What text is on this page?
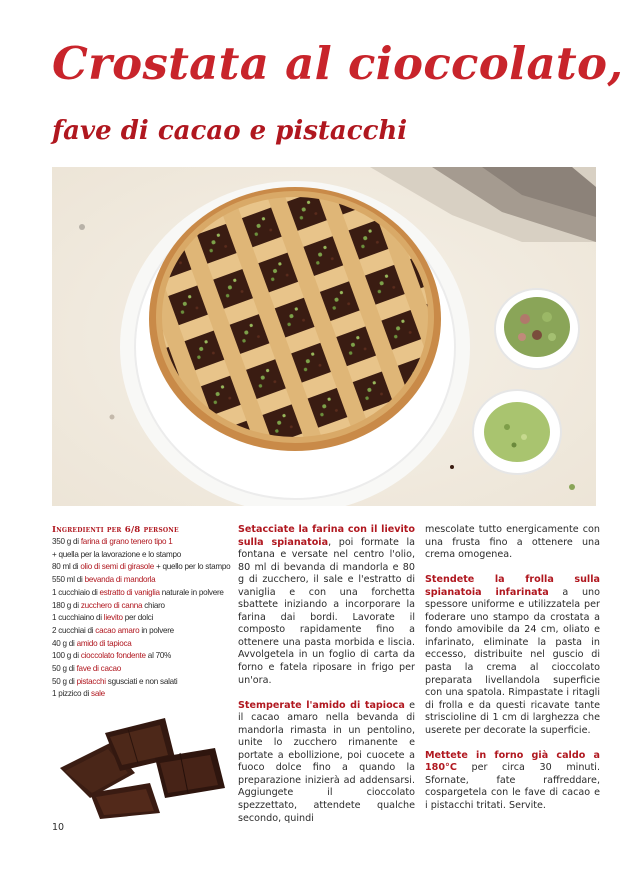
Crostata al cioccolato,
fave di cacao e pistacchi
Ingredienti per 6/8 persone
350 g di farina di grano tenero tipo 1
+ quella per la lavorazione e lo stampo
80 ml di olio di semi di girasole + quello per lo stampo
550 ml di bevanda di mandorla
1 cucchiaio di estratto di vaniglia naturale in polvere
180 g di zucchero di canna chiaro
1 cucchiaino di lievito per dolci
2 cucchiai di cacao amaro in polvere
40 g di amido di tapioca
100 g di cioccolato fondente al 70%
50 g di fave di cacao
50 g di pistacchi sgusciati e non salati
1 pizzico di sale

Setacciate la farina con il lievito sulla spianatoia, poi formate la fontana e versate nel centro l'olio, 80 ml di bevanda di mandorla e 80 g di zucchero, il sale e l'estratto di vaniglia e con una forchetta sbattete iniziando a incorporare la farina dai bordi. Lavorate il composto rapidamente fino a ottenere una pasta morbida e liscia. Avvolgetela in un foglio di carta da forno e fatela riposare in frigo per un'ora.

Stemperate l'amido di tapioca e il cacao amaro nella bevanda di mandorla rimasta in un pentolino, unite lo zucchero rimanente e portate a ebollizione, poi cuocete a fuoco dolce fino a quando la preparazione inizierà ad addensarsi. Aggiungete il cioccolato spezzettato, attendete qualche secondo, quindi

mescolate tutto energicamente con una frusta fino a ottenere una crema omogenea.

Stendete la frolla sulla spianatoia infarinata a uno spessore uniforme e utilizzatela per foderare uno stampo da crostata a fondo amovibile da 24 cm, oliato e infarinato, eliminate la pasta in eccesso, distribuite nel guscio di pasta la crema al cioccolato preparata livellandola superficie con una spatola. Rimpastate i ritagli di frolla e da questi ricavate tante striscioline di 1 cm di larghezza che userete per decorate la superficie.

Mettete in forno già caldo a 180°C per circa 30 minuti. Sfornate, fate raffreddare, cospargetela con le fave di cacao e i pistacchi tritati. Servite.

10
